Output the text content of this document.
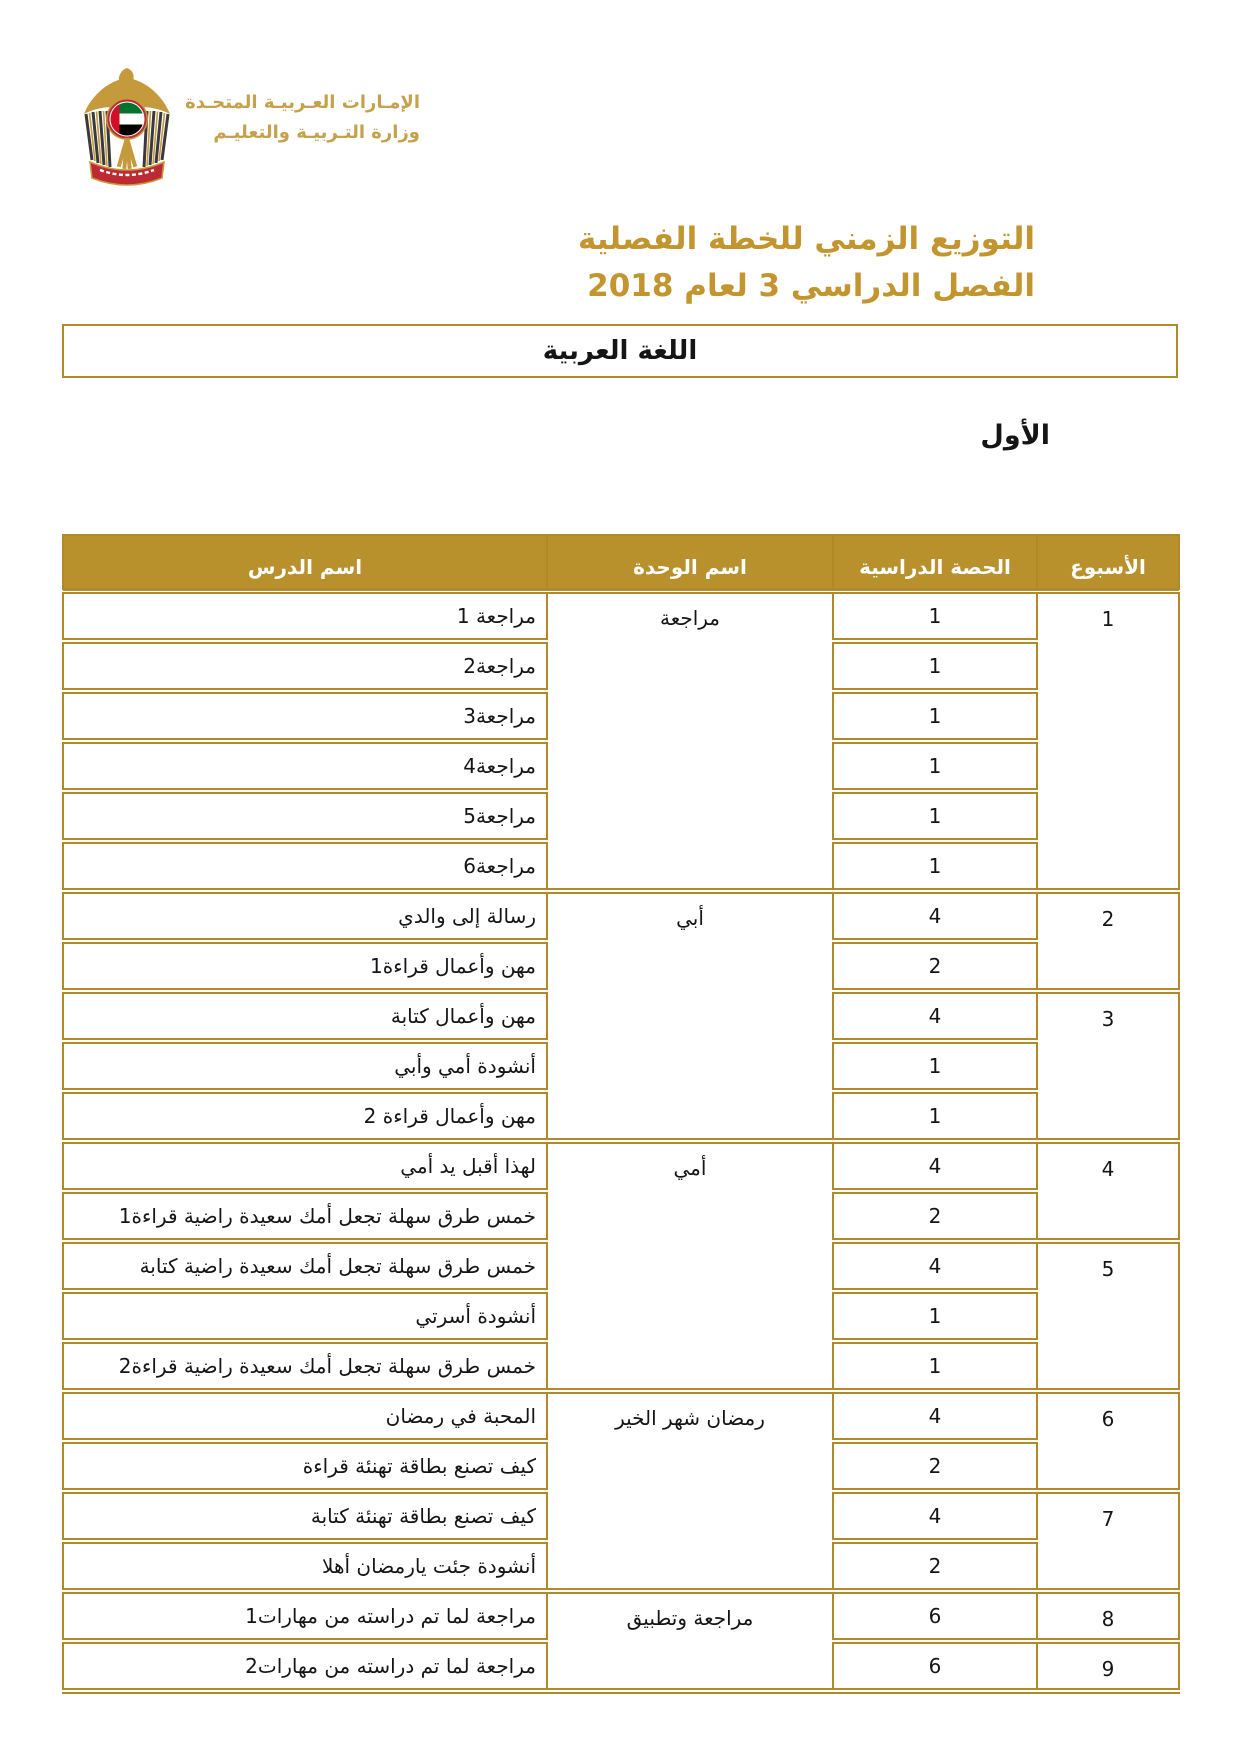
الإمـارات العـربيـة المتحـدة
وزارة التـربيـة والتعليـم
التوزيع الزمني للخطة الفصلية
الفصل الدراسي 3 لعام 2018
اللغة العربية
الأول
الأسبوع	الحصة الدراسية	اسم الوحدة	اسم الدرس
1	1	مراجعة	مراجعة 1
	1		مراجعة2
	1		مراجعة3
	1		مراجعة4
	1		مراجعة5
	1		مراجعة6
2	4	أبي	رسالة إلى والدي
	2		مهن وأعمال قراءة1
3	4		مهن وأعمال كتابة
	1		أنشودة أمي وأبي
	1		مهن وأعمال قراءة 2
4	4	أمي	لهذا أقبل يد أمي
	2		خمس طرق سهلة تجعل أمك سعيدة راضية قراءة1
5	4		خمس طرق سهلة تجعل أمك سعيدة راضية كتابة
	1		أنشودة أسرتي
	1		خمس طرق سهلة تجعل أمك سعيدة راضية قراءة2
6	4	رمضان شهر الخير	المحبة في رمضان
	2		كيف تصنع بطاقة تهنئة قراءة
7	4		كيف تصنع بطاقة تهنئة كتابة
	2		أنشودة جئت يارمضان أهلا
8	6	مراجعة وتطبيق	مراجعة لما تم دراسته من مهارات1
9	6		مراجعة لما تم دراسته من مهارات2
